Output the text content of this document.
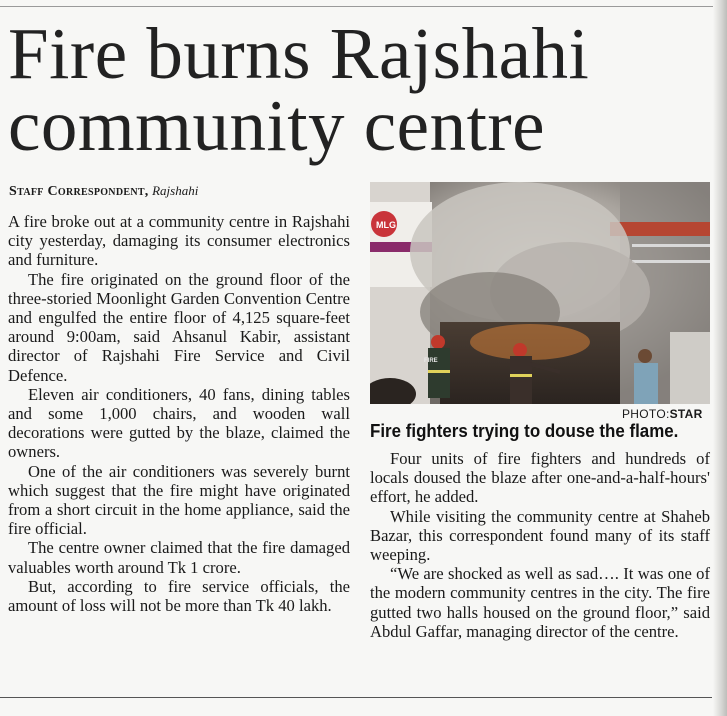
Fire burns Rajshahi
community centre
Staff Correspondent, Rajshahi

A fire broke out at a community centre in Rajshahi city yesterday, damaging its consumer electronics and furniture.

The fire originated on the ground floor of the three-storied Moonlight Garden Convention Centre and engulfed the entire floor of 4,125 square-feet around 9:00am, said Ahsanul Kabir, assistant director of Rajshahi Fire Service and Civil Defence.

Eleven air conditioners, 40 fans, dining tables and some 1,000 chairs, and wooden wall decorations were gutted by the blaze, claimed the owners.

One of the air conditioners was severely burnt which suggest that the fire might have originated from a short circuit in the home appliance, said the fire official.

The centre owner claimed that the fire damaged valuables worth around Tk 1 crore.

But, according to fire service officials, the amount of loss will not be more than Tk 40 lakh.

MLG
FIRE
PHOTO:STAR
Fire fighters trying to douse the flame.

Four units of fire fighters and hundreds of locals doused the blaze after one-and-a-half-hours' effort, he added.

While visiting the community centre at Shaheb Bazar, this correspondent found many of its staff weeping.

“We are shocked as well as sad…. It was one of the modern community centres in the city. The fire gutted two halls housed on the ground floor,” said Abdul Gaffar, managing director of the centre.
